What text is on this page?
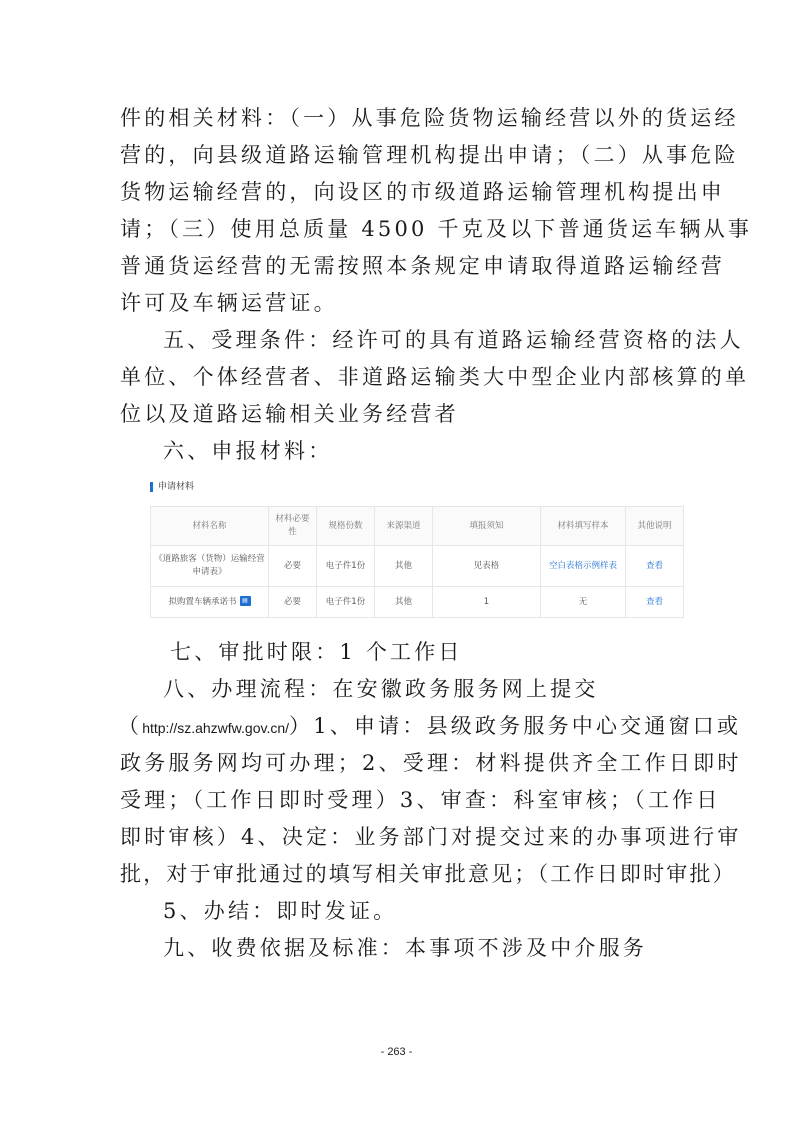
件的相关材料：（一）从事危险货物运输经营以外的货运经
营的，向县级道路运输管理机构提出申请；（二）从事危险
货物运输经营的，向设区的市级道路运输管理机构提出申
请；（三）使用总质量 4500 千克及以下普通货运车辆从事
普通货运经营的无需按照本条规定申请取得道路运输经营
许可及车辆运营证。
五、受理条件：经许可的具有道路运输经营资格的法人
单位、个体经营者、非道路运输类大中型企业内部核算的单
位以及道路运输相关业务经营者
六、申报材料：
申请材料
材料名称	材料必要性	规格份数	来源渠道	填报须知	材料填写样本	其他说明
《道路旅客（货物）运输经营申请表》	必要	电子件1份	其他	见表格	空白表格示例样表	查看
拟购置车辆承诺书 ▤	必要	电子件1份	其他	1	无	查看
七、审批时限：1 个工作日
八、办理流程：在安徽政务服务网上提交
（http://sz.ahzwfw.gov.cn/）1、申请：县级政务服务中心交通窗口或
政务服务网均可办理；2、受理：材料提供齐全工作日即时
受理；（工作日即时受理）3、审查：科室审核；（工作日
即时审核）4、决定：业务部门对提交过来的办事项进行审
批，对于审批通过的填写相关审批意见；（工作日即时审批）
5、办结：即时发证。
九、收费依据及标准：本事项不涉及中介服务
- 263 -
